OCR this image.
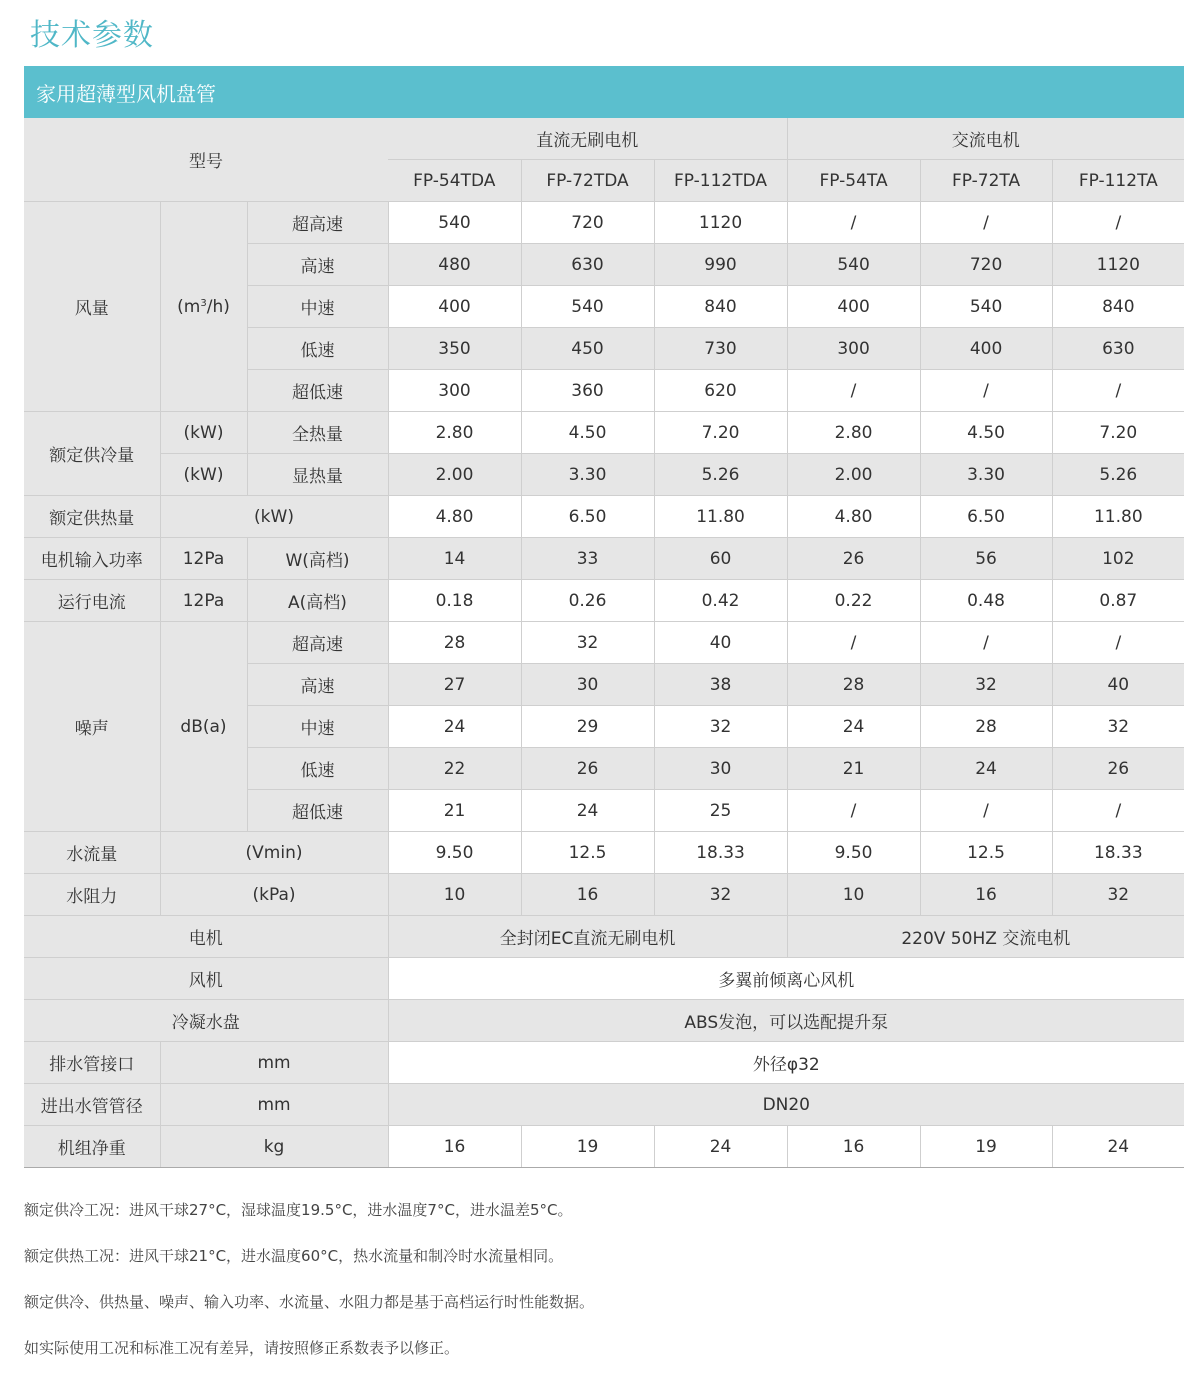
技术参数
家用超薄型风机盘管
型号			直流无刷电机			交流电机		
			FP-54TDA	FP-72TDA	FP-112TDA	FP-54TA	FP-72TA	FP-112TA
风量	$(m^3/h)$	超高速	540	720	1120	/	/	/
		高速	480	630	990	540	720	1120
		中速	400	540	840	400	540	840
		低速	350	450	730	300	400	630
		超低速	300	360	620	/	/	/
额定供冷量	(kW)	全热量	2.80	4.50	7.20	2.80	4.50	7.20
	(kW)	显热量	2.00	3.30	5.26	2.00	3.30	5.26
额定供热量	(kW)		4.80	6.50	11.80	4.80	6.50	11.80
电机输入功率	12Pa	W(高档)	14	33	60	26	56	102
运行电流	12Pa	A(高档)	0.18	0.26	0.42	0.22	0.48	0.87
噪声	dB(a)	超高速	28	32	40	/	/	/
		高速	27	30	38	28	32	40
		中速	24	29	32	24	28	32
		低速	22	26	30	21	24	26
		超低速	21	24	25	/	/	/
水流量	(Vmin)		9.50	12.5	18.33	9.50	12.5	18.33
水阻力	(kPa)		10	16	32	10	16	32
电机			全封闭EC直流无刷电机			220V 50HZ 交流电机		
风机			多翼前倾离心风机					
冷凝水盘			ABS发泡，可以选配提升泵					
排水管接口	mm		外径φ32					
进出水管管径	mm		DN20					
机组净重	kg		16	19	24	16	19	24
额定供冷工况：进风干球27°C，湿球温度19.5°C，进水温度7°C，进水温差5°C。
额定供热工况：进风干球21°C，进水温度60°C，热水流量和制冷时水流量相同。
额定供冷、供热量、噪声、输入功率、水流量、水阻力都是基于高档运行时性能数据。
如实际使用工况和标准工况有差异，请按照修正系数表予以修正。
